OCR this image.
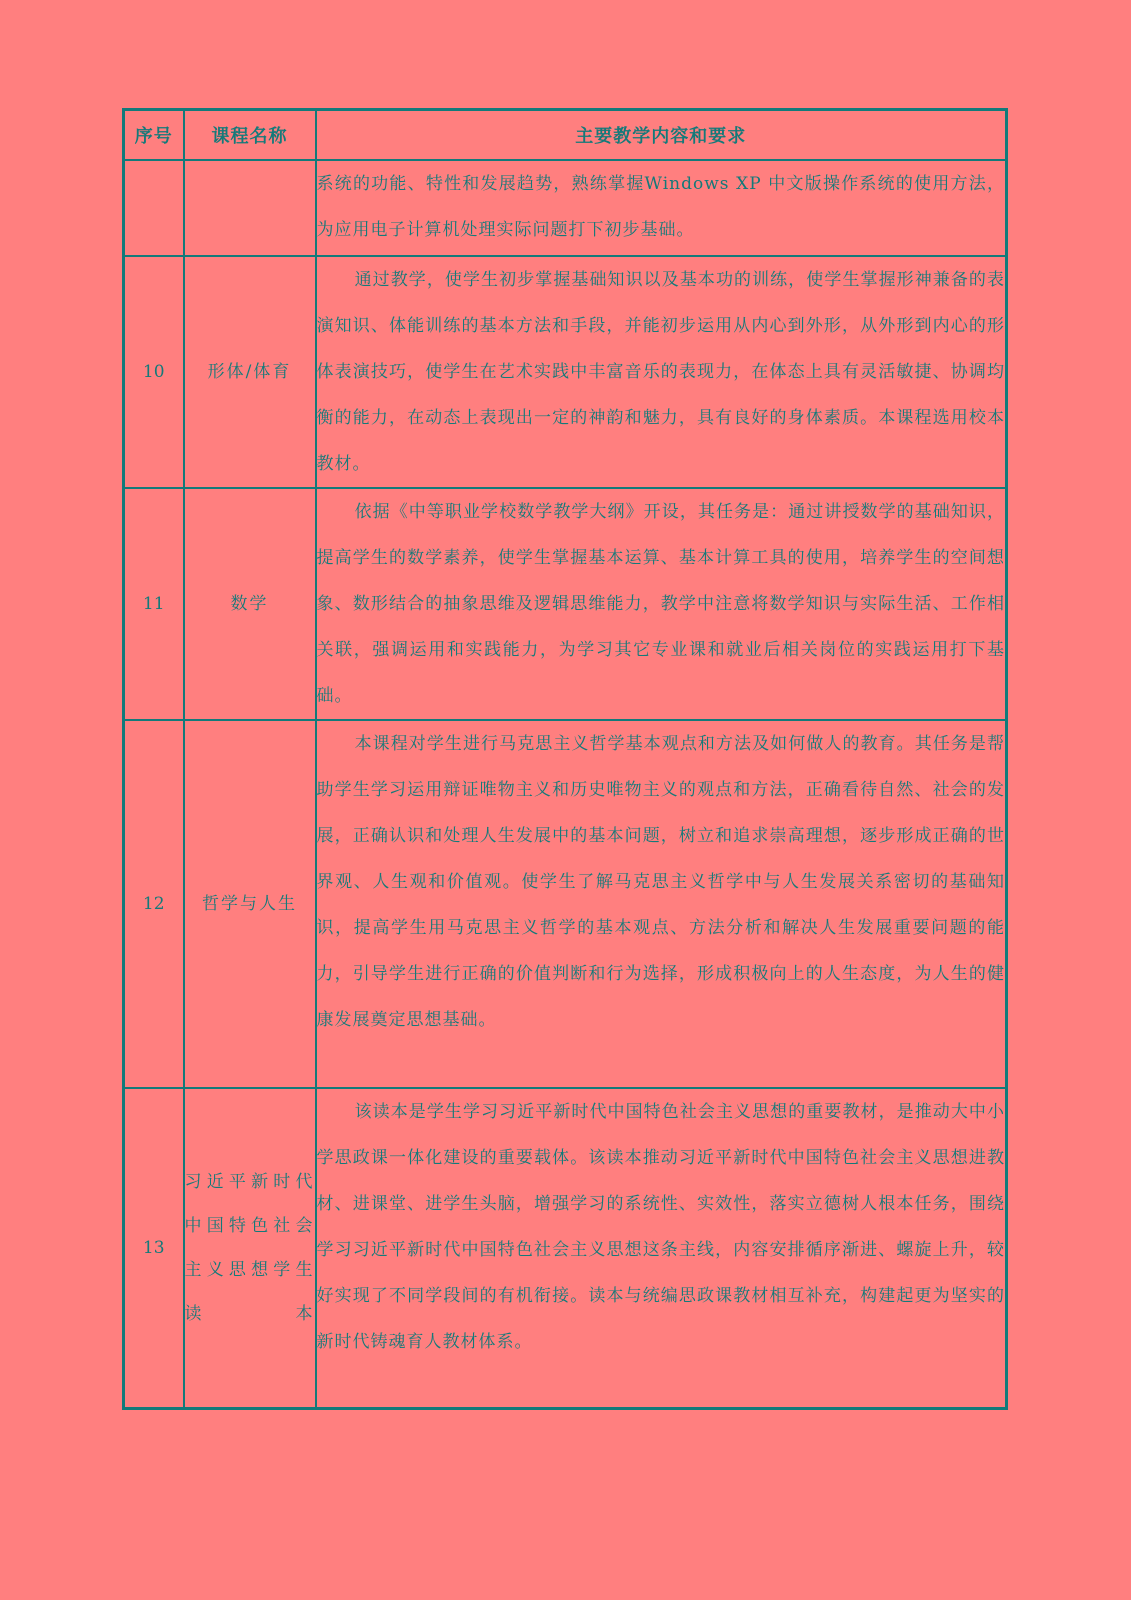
序号	课程名称	主要教学内容和要求
		系统的功能、特性和发展趋势，熟练掌握Windows XP 中文版操作系统的使用方法，为应用电子计算机处理实际问题打下初步基础。
10	形体/体育	通过教学，使学生初步掌握基础知识以及基本功的训练，使学生掌握形神兼备的表演知识、体能训练的基本方法和手段，并能初步运用从内心到外形，从外形到内心的形体表演技巧，使学生在艺术实践中丰富音乐的表现力，在体态上具有灵活敏捷、协调均衡的能力，在动态上表现出一定的神韵和魅力，具有良好的身体素质。本课程选用校本教材。
11	数学	依据《中等职业学校数学教学大纲》开设，其任务是：通过讲授数学的基础知识，提高学生的数学素养，使学生掌握基本运算、基本计算工具的使用，培养学生的空间想象、数形结合的抽象思维及逻辑思维能力，教学中注意将数学知识与实际生活、工作相关联，强调运用和实践能力，为学习其它专业课和就业后相关岗位的实践运用打下基础。
12	哲学与人生	本课程对学生进行马克思主义哲学基本观点和方法及如何做人的教育。其任务是帮助学生学习运用辩证唯物主义和历史唯物主义的观点和方法，正确看待自然、社会的发展，正确认识和处理人生发展中的基本问题，树立和追求崇高理想，逐步形成正确的世界观、人生观和价值观。使学生了解马克思主义哲学中与人生发展关系密切的基础知识，提高学生用马克思主义哲学的基本观点、方法分析和解决人生发展重要问题的能力，引导学生进行正确的价值判断和行为选择，形成积极向上的人生态度，为人生的健康发展奠定思想基础。
13	习近平新时代中国特色社会主义思想学生读本	该读本是学生学习习近平新时代中国特色社会主义思想的重要教材，是推动大中小学思政课一体化建设的重要载体。该读本推动习近平新时代中国特色社会主义思想进教材、进课堂、进学生头脑，增强学习的系统性、实效性，落实立德树人根本任务，围绕学习习近平新时代中国特色社会主义思想这条主线，内容安排循序渐进、螺旋上升，较好实现了不同学段间的有机衔接。读本与统编思政课教材相互补充，构建起更为坚实的新时代铸魂育人教材体系。
